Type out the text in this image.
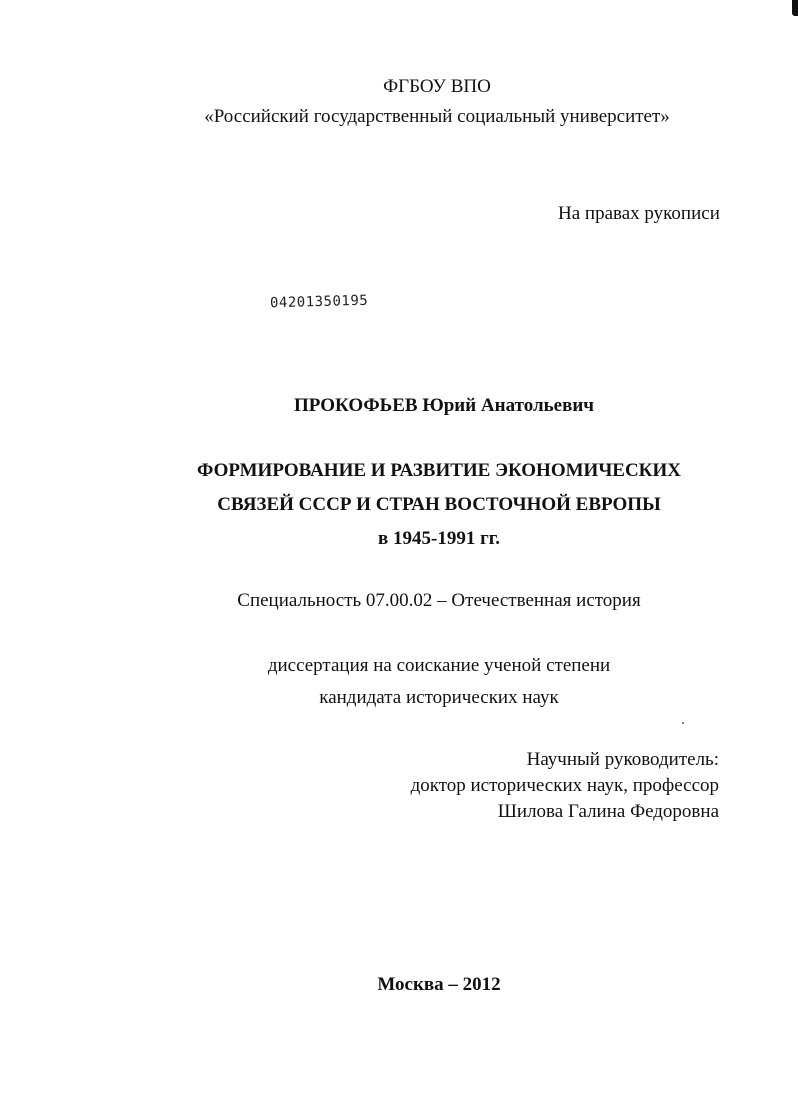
ФГБОУ ВПО
«Российский государственный социальный университет»
На правах рукописи
04201350195
ПРОКОФЬЕВ Юрий Анатольевич
ФОРМИРОВАНИЕ И РАЗВИТИЕ ЭКОНОМИЧЕСКИХ
СВЯЗЕЙ СССР И СТРАН ВОСТОЧНОЙ ЕВРОПЫ
в 1945-1991 гг.
Специальность 07.00.02 – Отечественная история
диссертация на соискание ученой степени
кандидата исторических наук
Научный руководитель:
доктор исторических наук, профессор
Шилова Галина Федоровна
Москва – 2012
